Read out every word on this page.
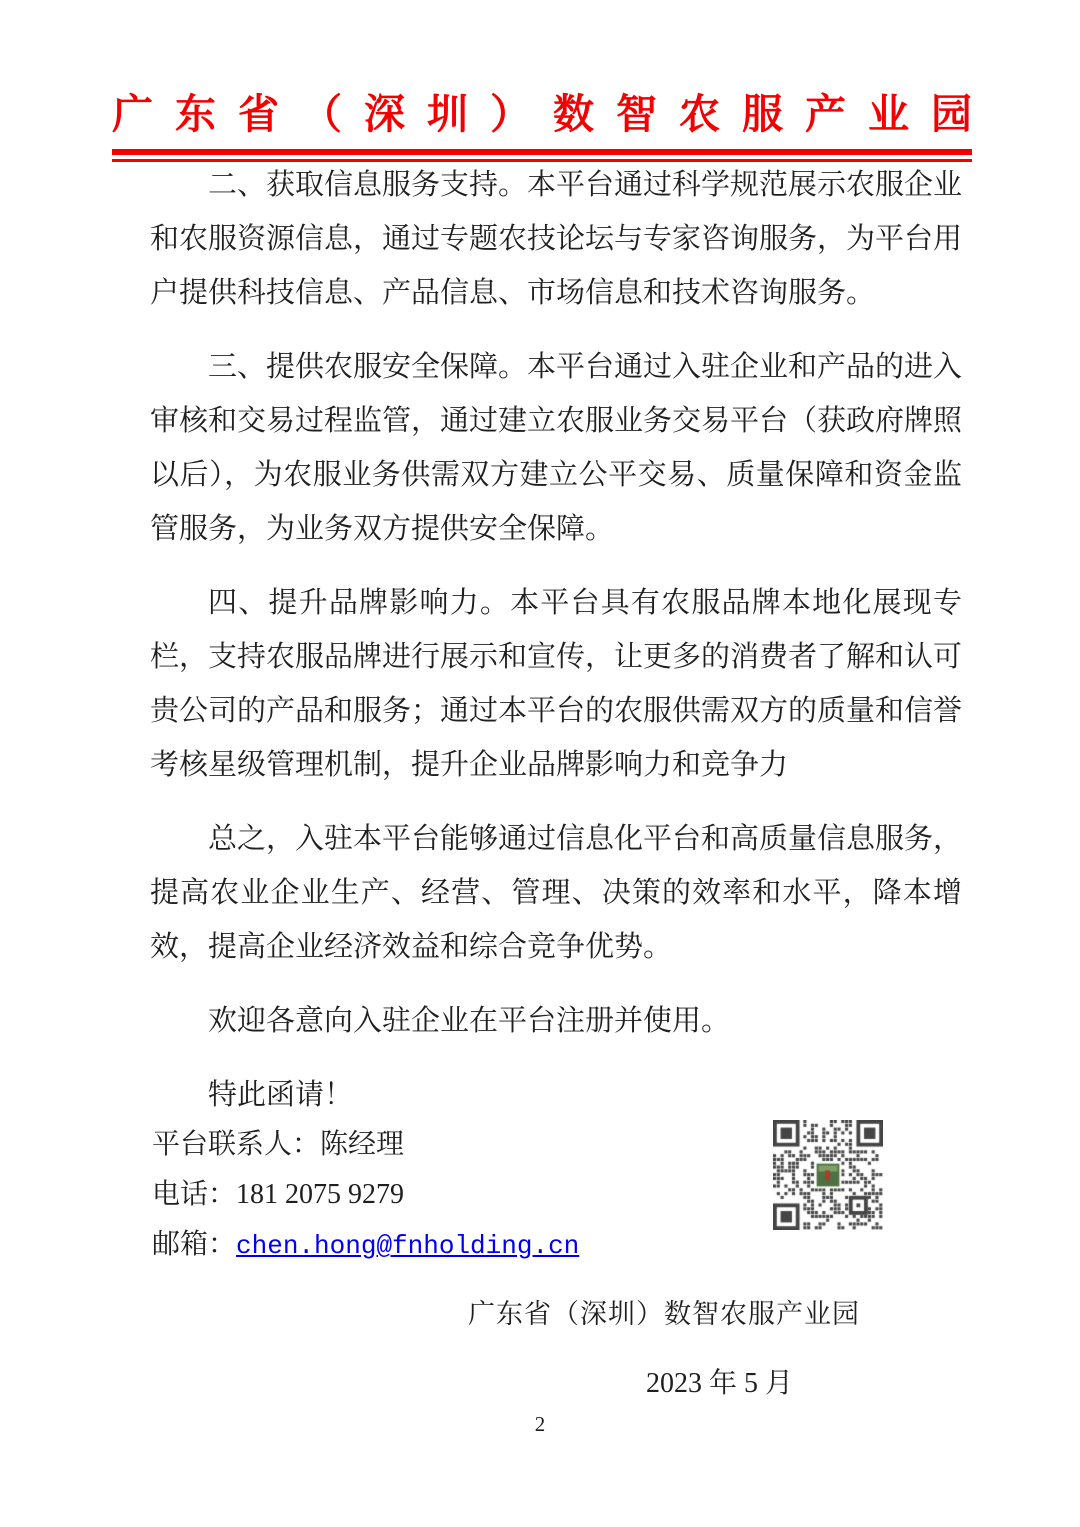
广 东 省 （ 深 圳 ） 数 智 农 服 产 业 园

二、获取信息服务支持。本平台通过科学规范展示农服企业和农服资源信息，通过专题农技论坛与专家咨询服务，为平台用户提供科技信息、产品信息、市场信息和技术咨询服务。

三、提供农服安全保障。本平台通过入驻企业和产品的进入审核和交易过程监管，通过建立农服业务交易平台（获政府牌照以后），为农服业务供需双方建立公平交易、质量保障和资金监管服务，为业务双方提供安全保障。

四、提升品牌影响力。本平台具有农服品牌本地化展现专栏，支持农服品牌进行展示和宣传，让更多的消费者了解和认可贵公司的产品和服务；通过本平台的农服供需双方的质量和信誉考核星级管理机制，提升企业品牌影响力和竞争力

总之，入驻本平台能够通过信息化平台和高质量信息服务，提高农业企业生产、经营、管理、决策的效率和水平，降本增效，提高企业经济效益和综合竞争优势。

欢迎各意向入驻企业在平台注册并使用。

特此函请！

平台联系人：陈经理
电话：181 2075 9279
邮箱：chen.hong@fnholding.cn
广东省（深圳）数智农服产业园
2023 年 5 月
2
